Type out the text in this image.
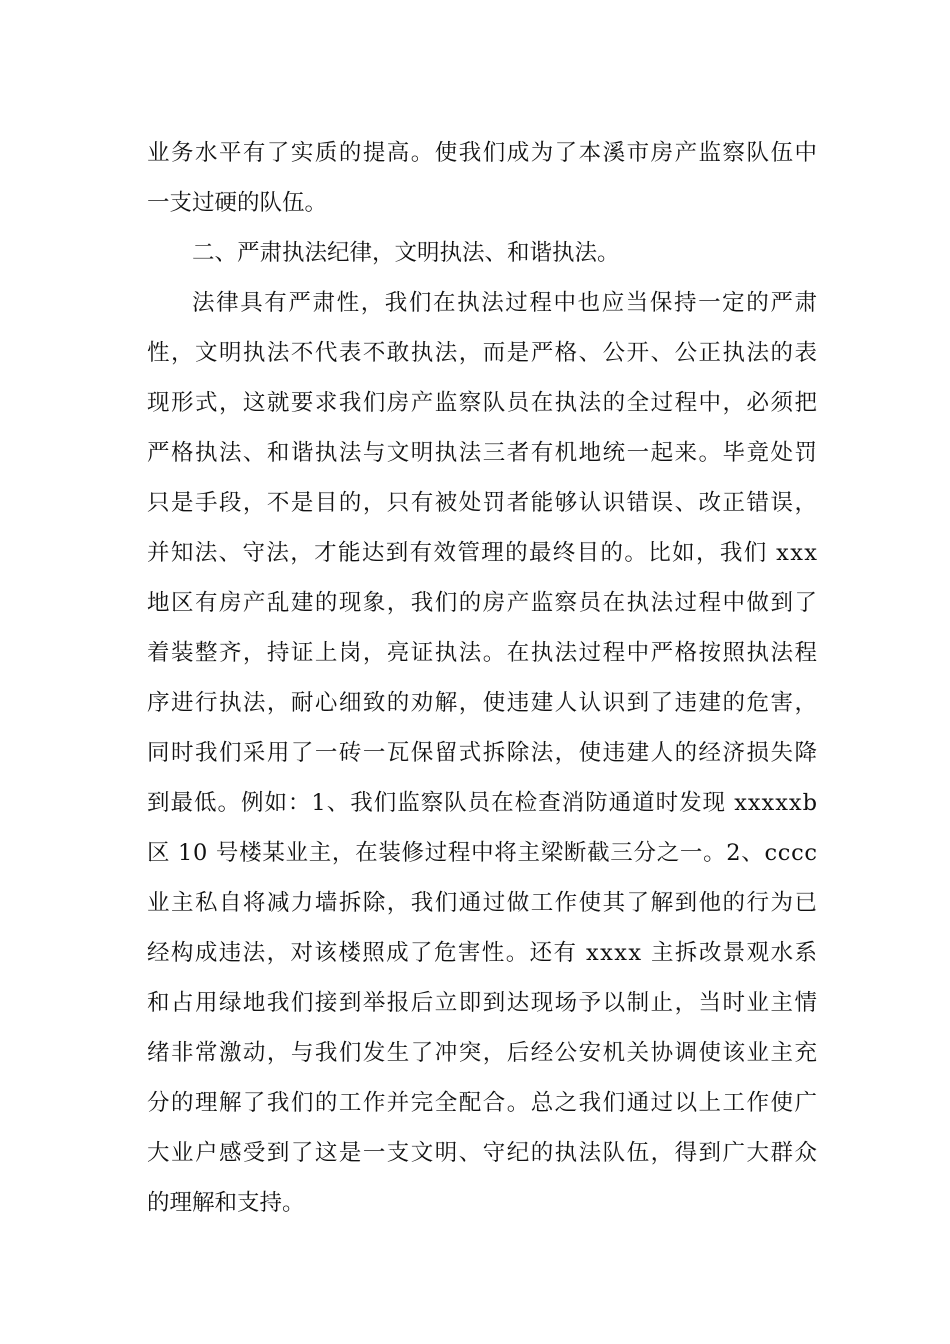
业务水平有了实质的提高。使我们成为了本溪市房产监察队伍中
一支过硬的队伍。
二、严肃执法纪律，文明执法、和谐执法。
法律具有严肃性，我们在执法过程中也应当保持一定的严肃
性，文明执法不代表不敢执法，而是严格、公开、公正执法的表
现形式，这就要求我们房产监察队员在执法的全过程中，必须把
严格执法、和谐执法与文明执法三者有机地统一起来。毕竟处罚
只是手段，不是目的，只有被处罚者能够认识错误、改正错误，
并知法、守法，才能达到有效管理的最终目的。比如，我们 xxx
地区有房产乱建的现象，我们的房产监察员在执法过程中做到了
着装整齐，持证上岗，亮证执法。在执法过程中严格按照执法程
序进行执法，耐心细致的劝解，使违建人认识到了违建的危害，
同时我们采用了一砖一瓦保留式拆除法，使违建人的经济损失降
到最低。例如：1、我们监察队员在检查消防通道时发现 xxxxxb
区 10 号楼某业主，在装修过程中将主梁断截三分之一。2、cccc
业主私自将减力墙拆除，我们通过做工作使其了解到他的行为已
经构成违法，对该楼照成了危害性。还有 xxxx 主拆改景观水系
和占用绿地我们接到举报后立即到达现场予以制止，当时业主情
绪非常激动，与我们发生了冲突，后经公安机关协调使该业主充
分的理解了我们的工作并完全配合。总之我们通过以上工作使广
大业户感受到了这是一支文明、守纪的执法队伍，得到广大群众
的理解和支持。
